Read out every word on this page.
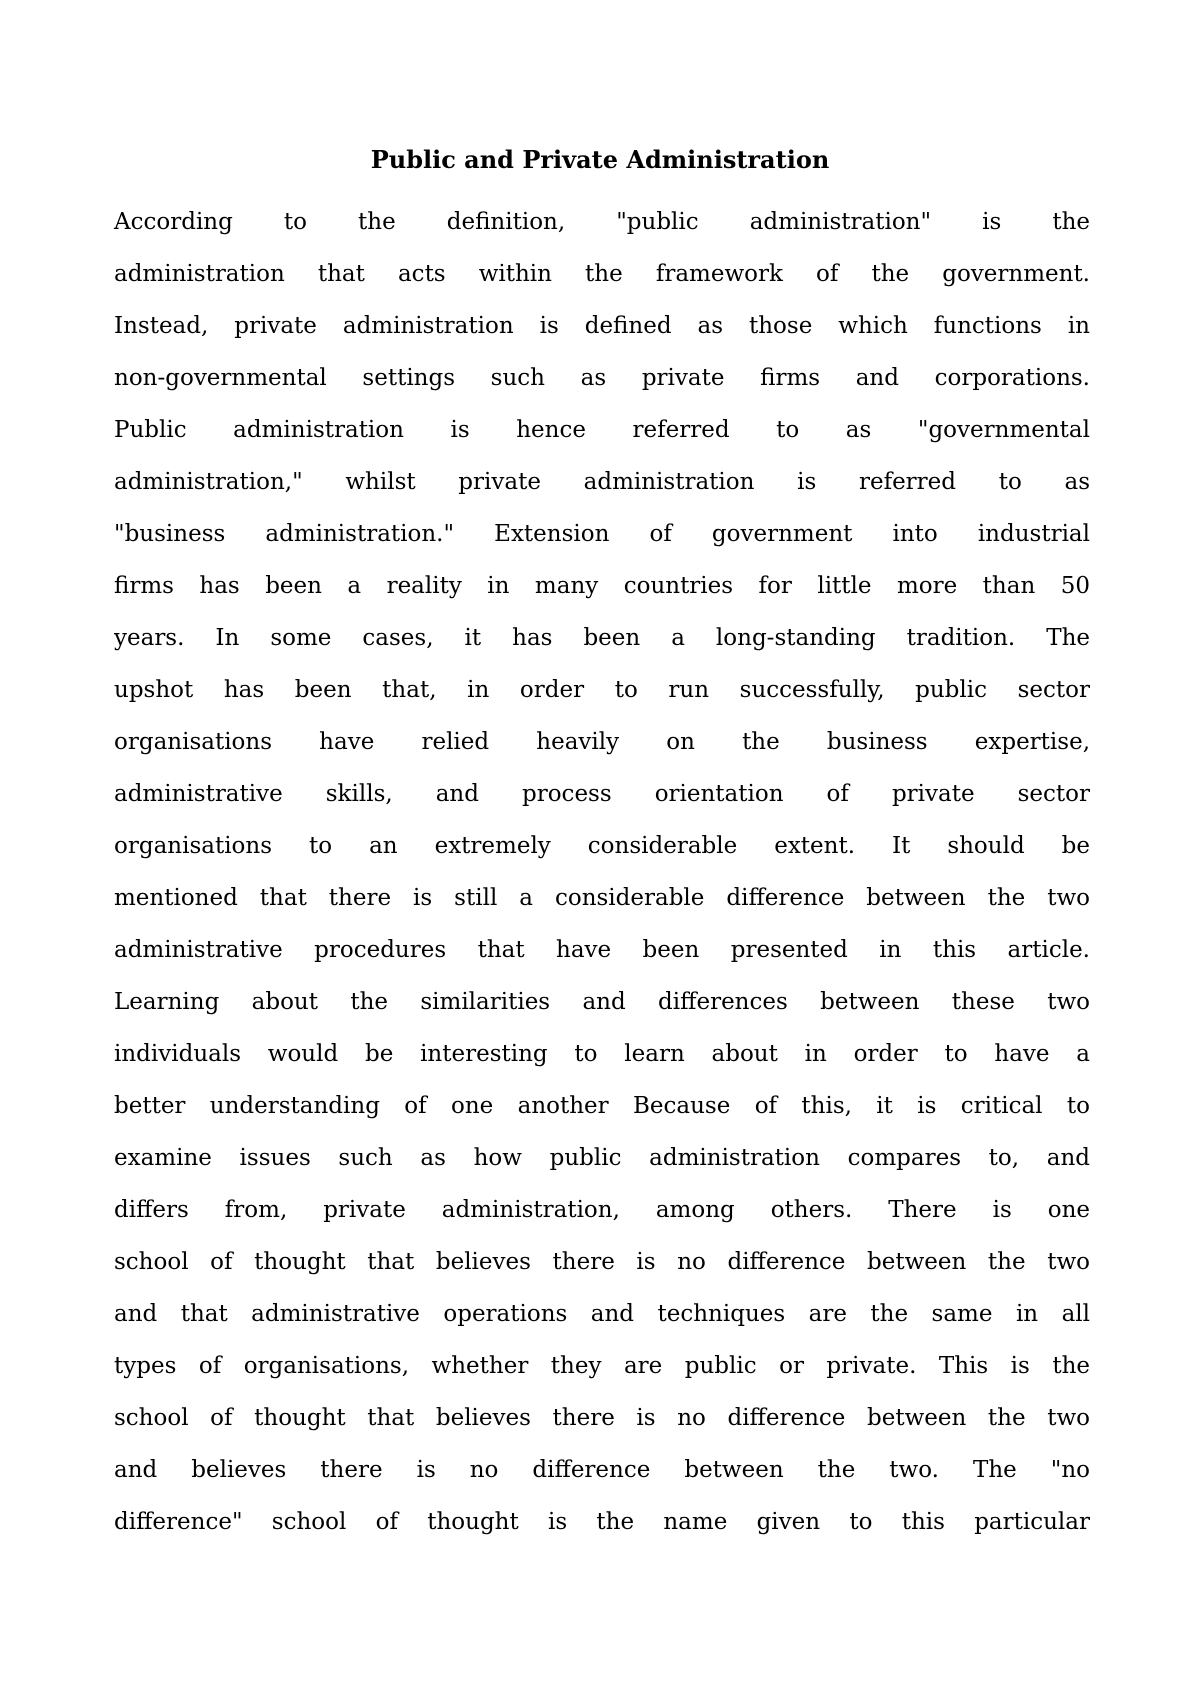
Public and Private Administration
According to the definition, "public administration" is the
administration that acts within the framework of the government.
Instead, private administration is defined as those which functions in
non-governmental settings such as private firms and corporations.
Public administration is hence referred to as "governmental
administration," whilst private administration is referred to as
"business administration." Extension of government into industrial
firms has been a reality in many countries for little more than 50
years. In some cases, it has been a long-standing tradition. The
upshot has been that, in order to run successfully, public sector
organisations have relied heavily on the business expertise,
administrative skills, and process orientation of private sector
organisations to an extremely considerable extent. It should be
mentioned that there is still a considerable difference between the two
administrative procedures that have been presented in this article.
Learning about the similarities and differences between these two
individuals would be interesting to learn about in order to have a
better understanding of one another Because of this, it is critical to
examine issues such as how public administration compares to, and
differs from, private administration, among others. There is one
school of thought that believes there is no difference between the two
and that administrative operations and techniques are the same in all
types of organisations, whether they are public or private. This is the
school of thought that believes there is no difference between the two
and believes there is no difference between the two. The "no
difference" school of thought is the name given to this particular
